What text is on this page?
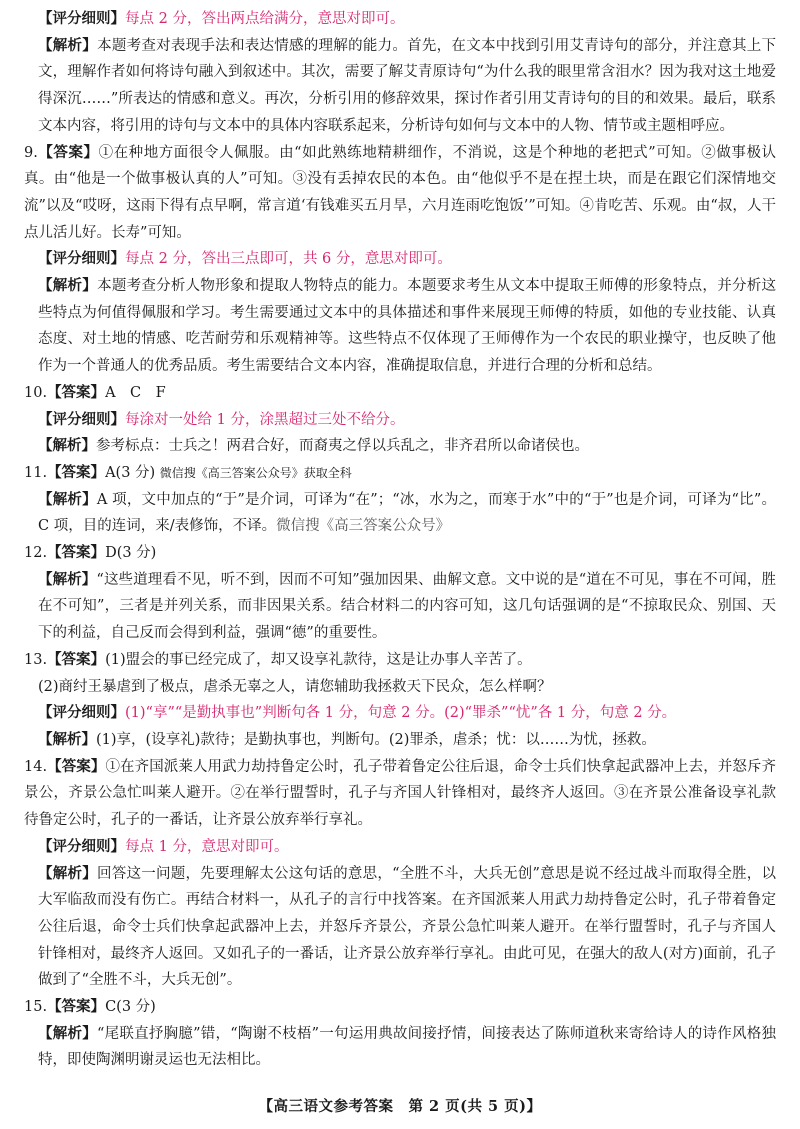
【评分细则】每点 2 分，答出两点给满分，意思对即可。

【解析】本题考查对表现手法和表达情感的理解的能力。首先，在文本中找到引用艾青诗句的部分，并注意其上下文，理解作者如何将诗句融入到叙述中。其次，需要了解艾青原诗句“为什么我的眼里常含泪水？因为我对这土地爱得深沉……”所表达的情感和意义。再次，分析引用的修辞效果，探讨作者引用艾青诗句的目的和效果。最后，联系文本内容，将引用的诗句与文本中的具体内容联系起来，分析诗句如何与文本中的人物、情节或主题相呼应。

9.【答案】①在种地方面很令人佩服。由“如此熟练地精耕细作，不消说，这是个种地的老把式”可知。②做事极认真。由“他是一个做事极认真的人”可知。③没有丢掉农民的本色。由“他似乎不是在捏土块，而是在跟它们深情地交流”以及“哎呀，这雨下得有点早啊，常言道‘有钱难买五月旱，六月连雨吃饱饭’”可知。④肯吃苦、乐观。由“叔，人干点儿活儿好。长寿”可知。

【评分细则】每点 2 分，答出三点即可，共 6 分，意思对即可。

【解析】本题考查分析人物形象和提取人物特点的能力。本题要求考生从文本中提取王师傅的形象特点，并分析这些特点为何值得佩服和学习。考生需要通过文本中的具体描述和事件来展现王师傅的特质，如他的专业技能、认真态度、对土地的情感、吃苦耐劳和乐观精神等。这些特点不仅体现了王师傅作为一个农民的职业操守，也反映了他作为一个普通人的优秀品质。考生需要结合文本内容，准确提取信息，并进行合理的分析和总结。

10.【答案】A　C　F

【评分细则】每涂对一处给 1 分，涂黑超过三处不给分。

【解析】参考标点：士兵之！两君合好，而裔夷之俘以兵乱之，非齐君所以命诸侯也。

11.【答案】A(3 分) 微信搜《高三答案公众号》获取全科

【解析】A 项，文中加点的“于”是介词，可译为“在”；“冰，水为之，而寒于水”中的“于”也是介词，可译为“比”。C 项，目的连词，来/表修饰，不译。微信搜《高三答案公众号》

12.【答案】D(3 分)

【解析】“这些道理看不见，听不到，因而不可知”强加因果、曲解文意。文中说的是“道在不可见，事在不可闻，胜在不可知”，三者是并列关系，而非因果关系。结合材料二的内容可知，这几句话强调的是“不掠取民众、别国、天下的利益，自己反而会得到利益，强调“德”的重要性。

13.【答案】(1)盟会的事已经完成了，却又设享礼款待，这是让办事人辛苦了。

(2)商纣王暴虐到了极点，虐杀无辜之人，请您辅助我拯救天下民众，怎么样啊？

【评分细则】(1)“享”“是勤执事也”判断句各 1 分，句意 2 分。(2)“罪杀”“忧”各 1 分，句意 2 分。

【解析】(1)享，(设享礼)款待；是勤执事也，判断句。(2)罪杀，虐杀；忧：以……为忧，拯救。

14.【答案】①在齐国派莱人用武力劫持鲁定公时，孔子带着鲁定公往后退，命令士兵们快拿起武器冲上去，并怒斥齐景公，齐景公急忙叫莱人避开。②在举行盟誓时，孔子与齐国人针锋相对，最终齐人返回。③在齐景公准备设享礼款待鲁定公时，孔子的一番话，让齐景公放弃举行享礼。

【评分细则】每点 1 分，意思对即可。

【解析】回答这一问题，先要理解太公这句话的意思，“全胜不斗，大兵无创”意思是说不经过战斗而取得全胜，以大军临敌而没有伤亡。再结合材料一，从孔子的言行中找答案。在齐国派莱人用武力劫持鲁定公时，孔子带着鲁定公往后退，命令士兵们快拿起武器冲上去，并怒斥齐景公，齐景公急忙叫莱人避开。在举行盟誓时，孔子与齐国人针锋相对，最终齐人返回。又如孔子的一番话，让齐景公放弃举行享礼。由此可见，在强大的敌人(对方)面前，孔子做到了“全胜不斗，大兵无创”。

15.【答案】C(3 分)

【解析】“尾联直抒胸臆”错，“陶谢不枝梧”一句运用典故间接抒情，间接表达了陈师道秋来寄给诗人的诗作风格独特，即使陶渊明谢灵运也无法相比。

【高三语文参考答案　第 2 页(共 5 页)】
